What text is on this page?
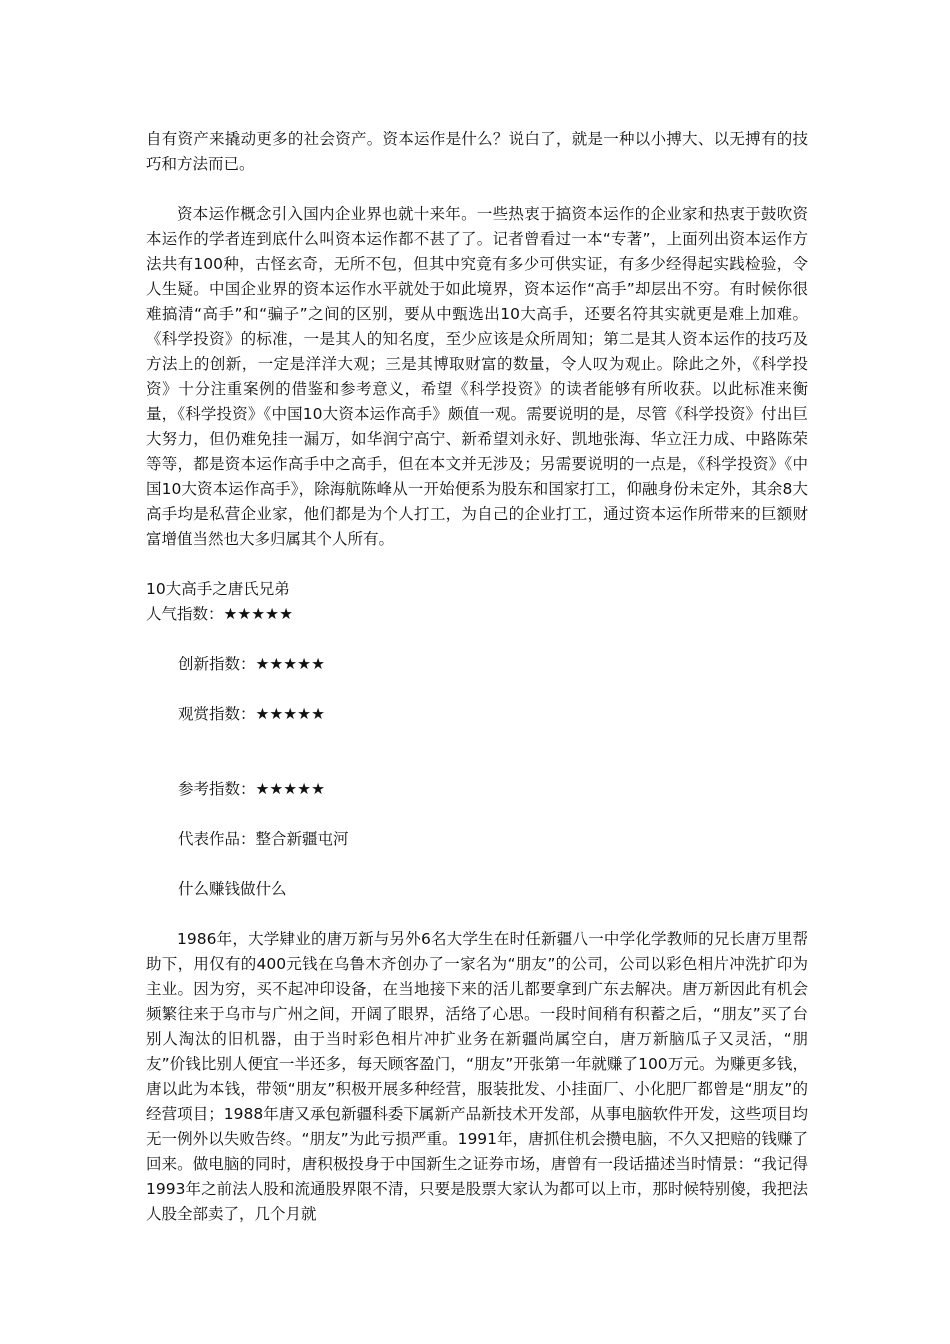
自有资产来撬动更多的社会资产。资本运作是什么？说白了，就是一种以小搏大、以无搏有的技巧和方法而已。

资本运作概念引入国内企业界也就十来年。一些热衷于搞资本运作的企业家和热衷于鼓吹资本运作的学者连到底什么叫资本运作都不甚了了。记者曾看过一本“专著”，上面列出资本运作方法共有100种，古怪玄奇，无所不包，但其中究竟有多少可供实证，有多少经得起实践检验，令人生疑。中国企业界的资本运作水平就处于如此境界，资本运作“高手”却层出不穷。有时候你很难搞清“高手”和“骗子”之间的区别，要从中甄选出10大高手，还要名符其实就更是难上加难。《科学投资》的标准，一是其人的知名度，至少应该是众所周知；第二是其人资本运作的技巧及方法上的创新，一定是洋洋大观；三是其博取财富的数量，令人叹为观止。除此之外，《科学投资》十分注重案例的借鉴和参考意义，希望《科学投资》的读者能够有所收获。以此标准来衡量，《科学投资》《中国10大资本运作高手》颇值一观。需要说明的是，尽管《科学投资》付出巨大努力，但仍难免挂一漏万，如华润宁高宁、新希望刘永好、凯地张海、华立汪力成、中路陈荣等等，都是资本运作高手中之高手，但在本文并无涉及；另需要说明的一点是，《科学投资》《中国10大资本运作高手》，除海航陈峰从一开始便系为股东和国家打工，仰融身份未定外，其余8大高手均是私营企业家，他们都是为个人打工，为自己的企业打工，通过资本运作所带来的巨额财富增值当然也大多归属其个人所有。

10大高手之唐氏兄弟
人气指数：★★★★★
创新指数：★★★★★
观赏指数：★★★★★
参考指数：★★★★★
代表作品：整合新疆屯河
什么赚钱做什么

1986年，大学肄业的唐万新与另外6名大学生在时任新疆八一中学化学教师的兄长唐万里帮助下，用仅有的400元钱在乌鲁木齐创办了一家名为“朋友”的公司，公司以彩色相片冲洗扩印为主业。因为穷，买不起冲印设备，在当地接下来的活儿都要拿到广东去解决。唐万新因此有机会频繁往来于乌市与广州之间，开阔了眼界，活络了心思。一段时间稍有积蓄之后，“朋友”买了台别人淘汰的旧机器，由于当时彩色相片冲扩业务在新疆尚属空白，唐万新脑瓜子又灵活，“朋友”价钱比别人便宜一半还多，每天顾客盈门，“朋友”开张第一年就赚了100万元。为赚更多钱，唐以此为本钱，带领“朋友”积极开展多种经营，服装批发、小挂面厂、小化肥厂都曾是“朋友”的经营项目；1988年唐又承包新疆科委下属新产品新技术开发部，从事电脑软件开发，这些项目均无一例外以失败告终。“朋友”为此亏损严重。1991年，唐抓住机会攒电脑，不久又把赔的钱赚了回来。做电脑的同时，唐积极投身于中国新生之证券市场，唐曾有一段话描述当时情景：“我记得1993年之前法人股和流通股界限不清，只要是股票大家认为都可以上市，那时候特别傻，我把法人股全部卖了，几个月就
